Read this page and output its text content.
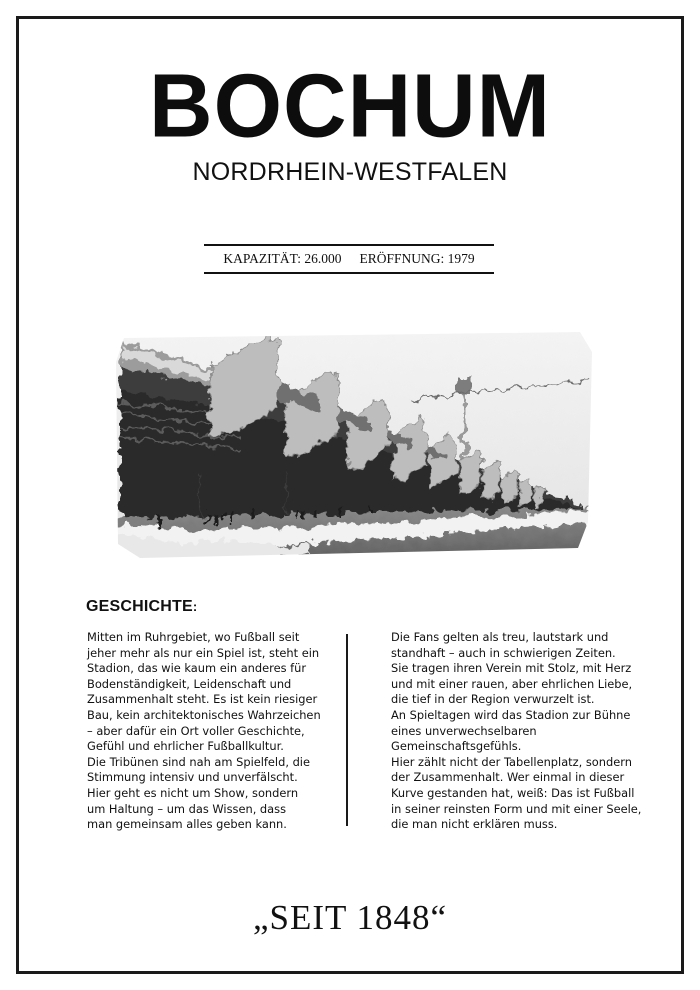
BOCHUM
NORDRHEIN-WESTFALEN
KAPAZITÄT: 26.000 ERÖFFNUNG: 1979
GESCHICHTE:

Mitten im Ruhrgebiet, wo Fußball seit

jeher mehr als nur ein Spiel ist, steht ein

Stadion, das wie kaum ein anderes für

Bodenständigkeit, Leidenschaft und

Zusammenhalt steht. Es ist kein riesiger

Bau, kein architektonisches Wahrzeichen

– aber dafür ein Ort voller Geschichte,

Gefühl und ehrlicher Fußballkultur.

Die Tribünen sind nah am Spielfeld, die

Stimmung intensiv und unverfälscht.

Hier geht es nicht um Show, sondern

um Haltung – um das Wissen, dass

man gemeinsam alles geben kann.

Die Fans gelten als treu, lautstark und

standhaft – auch in schwierigen Zeiten.

Sie tragen ihren Verein mit Stolz, mit Herz

und mit einer rauen, aber ehrlichen Liebe,

die tief in der Region verwurzelt ist.

An Spieltagen wird das Stadion zur Bühne

eines unverwechselbaren

Gemeinschaftsgefühls.

Hier zählt nicht der Tabellenplatz, sondern

der Zusammenhalt. Wer einmal in dieser

Kurve gestanden hat, weiß: Das ist Fußball

in seiner reinsten Form und mit einer Seele,

die man nicht erklären muss.

„SEIT 1848“
